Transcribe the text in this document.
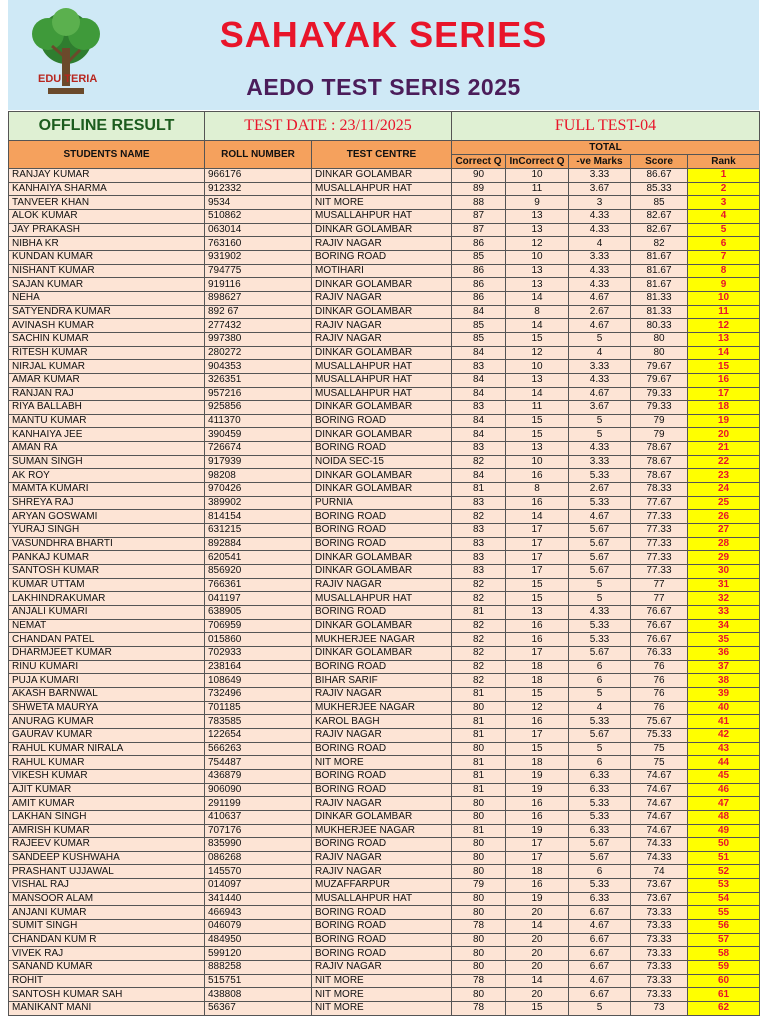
EDU TERIA
SAHAYAK SERIES
AEDO TEST SERIS 2025
OFFLINE RESULT	TEST DATE : 23/11/2025		FULL TEST-04				
STUDENTS NAME	ROLL NUMBER	TEST CENTRE	TOTAL				
			Correct Q	InCorrect Q	-ve Marks	Score	Rank
RANJAY KUMAR	966176	DINKAR GOLAMBAR	90	10	3.33	86.67	1
KANHAIYA SHARMA	912332	MUSALLAHPUR HAT	89	11	3.67	85.33	2
TANVEER KHAN	9534	NIT MORE	88	9	3	85	3
ALOK KUMAR	510862	MUSALLAHPUR HAT	87	13	4.33	82.67	4
JAY PRAKASH	063014	DINKAR GOLAMBAR	87	13	4.33	82.67	5
NIBHA KR	763160	RAJIV NAGAR	86	12	4	82	6
KUNDAN KUMAR	931902	BORING ROAD	85	10	3.33	81.67	7
NISHANT KUMAR	794775	MOTIHARI	86	13	4.33	81.67	8
SAJAN KUMAR	919116	DINKAR GOLAMBAR	86	13	4.33	81.67	9
NEHA	898627	RAJIV NAGAR	86	14	4.67	81.33	10
SATYENDRA KUMAR	892 67	DINKAR GOLAMBAR	84	8	2.67	81.33	11
AVINASH KUMAR	277432	RAJIV NAGAR	85	14	4.67	80.33	12
SACHIN KUMAR	997380	RAJIV NAGAR	85	15	5	80	13
RITESH KUMAR	280272	DINKAR GOLAMBAR	84	12	4	80	14
NIRJAL KUMAR	904353	MUSALLAHPUR HAT	83	10	3.33	79.67	15
AMAR KUMAR	326351	MUSALLAHPUR HAT	84	13	4.33	79.67	16
RANJAN RAJ	957216	MUSALLAHPUR HAT	84	14	4.67	79.33	17
RIYA BALLABH	925856	DINKAR GOLAMBAR	83	11	3.67	79.33	18
MANTU KUMAR	411370	BORING ROAD	84	15	5	79	19
KANHAIYA JEE	390459	DINKAR GOLAMBAR	84	15	5	79	20
AMAN RA	726674	BORING ROAD	83	13	4.33	78.67	21
SUMAN SINGH	917939	NOIDA SEC-15	82	10	3.33	78.67	22
AK ROY	98208	DINKAR GOLAMBAR	84	16	5.33	78.67	23
MAMTA KUMARI	970426	DINKAR GOLAMBAR	81	8	2.67	78.33	24
SHREYA RAJ	389902	PURNIA	83	16	5.33	77.67	25
ARYAN GOSWAMI	814154	BORING ROAD	82	14	4.67	77.33	26
YURAJ SINGH	631215	BORING ROAD	83	17	5.67	77.33	27
VASUNDHRA BHARTI	892884	BORING ROAD	83	17	5.67	77.33	28
PANKAJ KUMAR	620541	DINKAR GOLAMBAR	83	17	5.67	77.33	29
SANTOSH KUMAR	856920	DINKAR GOLAMBAR	83	17	5.67	77.33	30
KUMAR UTTAM	766361	RAJIV NAGAR	82	15	5	77	31
LAKHINDRAKUMAR	041197	MUSALLAHPUR HAT	82	15	5	77	32
ANJALI KUMARI	638905	BORING ROAD	81	13	4.33	76.67	33
NEMAT	706959	DINKAR GOLAMBAR	82	16	5.33	76.67	34
CHANDAN PATEL	015860	MUKHERJEE NAGAR	82	16	5.33	76.67	35
DHARMJEET KUMAR	702933	DINKAR GOLAMBAR	82	17	5.67	76.33	36
RINU KUMARI	238164	BORING ROAD	82	18	6	76	37
PUJA KUMARI	108649	BIHAR SARIF	82	18	6	76	38
AKASH BARNWAL	732496	RAJIV NAGAR	81	15	5	76	39
SHWETA MAURYA	701185	MUKHERJEE NAGAR	80	12	4	76	40
ANURAG KUMAR	783585	KAROL BAGH	81	16	5.33	75.67	41
GAURAV KUMAR	122654	RAJIV NAGAR	81	17	5.67	75.33	42
RAHUL KUMAR NIRALA	566263	BORING ROAD	80	15	5	75	43
RAHUL KUMAR	754487	NIT MORE	81	18	6	75	44
VIKESH KUMAR	436879	BORING ROAD	81	19	6.33	74.67	45
AJIT KUMAR	906090	BORING ROAD	81	19	6.33	74.67	46
AMIT KUMAR	291199	RAJIV NAGAR	80	16	5.33	74.67	47
LAKHAN SINGH	410637	DINKAR GOLAMBAR	80	16	5.33	74.67	48
AMRISH KUMAR	707176	MUKHERJEE NAGAR	81	19	6.33	74.67	49
RAJEEV KUMAR	835990	BORING ROAD	80	17	5.67	74.33	50
SANDEEP KUSHWAHA	086268	RAJIV NAGAR	80	17	5.67	74.33	51
PRASHANT UJJAWAL	145570	RAJIV NAGAR	80	18	6	74	52
VISHAL RAJ	014097	MUZAFFARPUR	79	16	5.33	73.67	53
MANSOOR ALAM	341440	MUSALLAHPUR HAT	80	19	6.33	73.67	54
ANJANI KUMAR	466943	BORING ROAD	80	20	6.67	73.33	55
SUMIT SINGH	046079	BORING ROAD	78	14	4.67	73.33	56
CHANDAN KUM R	484950	BORING ROAD	80	20	6.67	73.33	57
VIVEK RAJ	599120	BORING ROAD	80	20	6.67	73.33	58
SANAND KUMAR	888258	RAJIV NAGAR	80	20	6.67	73.33	59
ROHIT	515751	NIT MORE	78	14	4.67	73.33	60
SANTOSH KUMAR SAH	438808	NIT MORE	80	20	6.67	73.33	61
MANIKANT MANI	56367	NIT MORE	78	15	5	73	62
